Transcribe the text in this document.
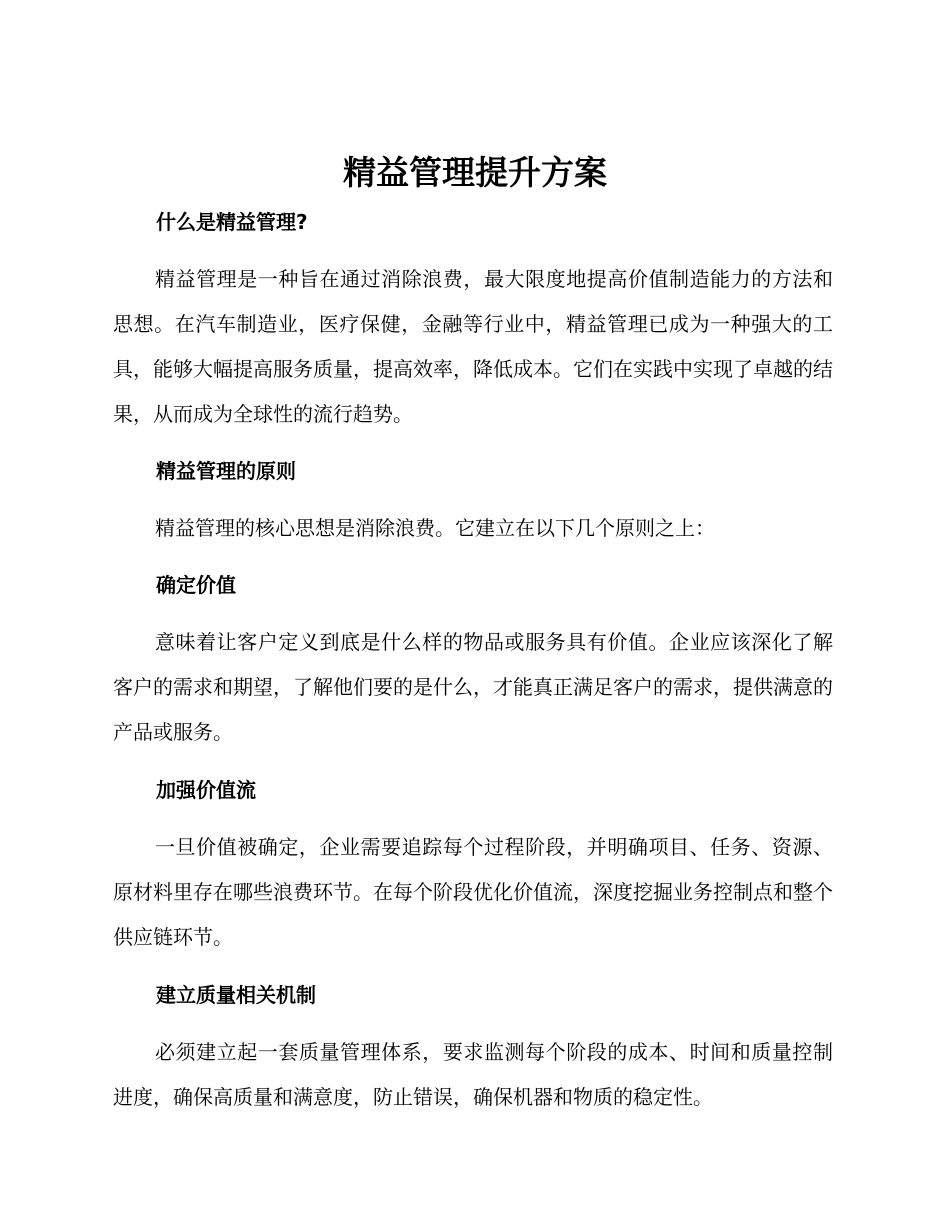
精益管理提升方案
什么是精益管理?

精益管理是一种旨在通过消除浪费，最大限度地提高价值制造能力的方法和思想。在汽车制造业，医疗保健，金融等行业中，精益管理已成为一种强大的工具，能够大幅提高服务质量，提高效率，降低成本。它们在实践中实现了卓越的结果，从而成为全球性的流行趋势。

精益管理的原则

精益管理的核心思想是消除浪费。它建立在以下几个原则之上：

确定价值

意味着让客户定义到底是什么样的物品或服务具有价值。企业应该深化了解客户的需求和期望，了解他们要的是什么，才能真正满足客户的需求，提供满意的产品或服务。

加强价值流

一旦价值被确定，企业需要追踪每个过程阶段，并明确项目、任务、资源、原材料里存在哪些浪费环节。在每个阶段优化价值流，深度挖掘业务控制点和整个供应链环节。

建立质量相关机制

必须建立起一套质量管理体系，要求监测每个阶段的成本、时间和质量控制进度，确保高质量和满意度，防止错误，确保机器和物质的稳定性。
